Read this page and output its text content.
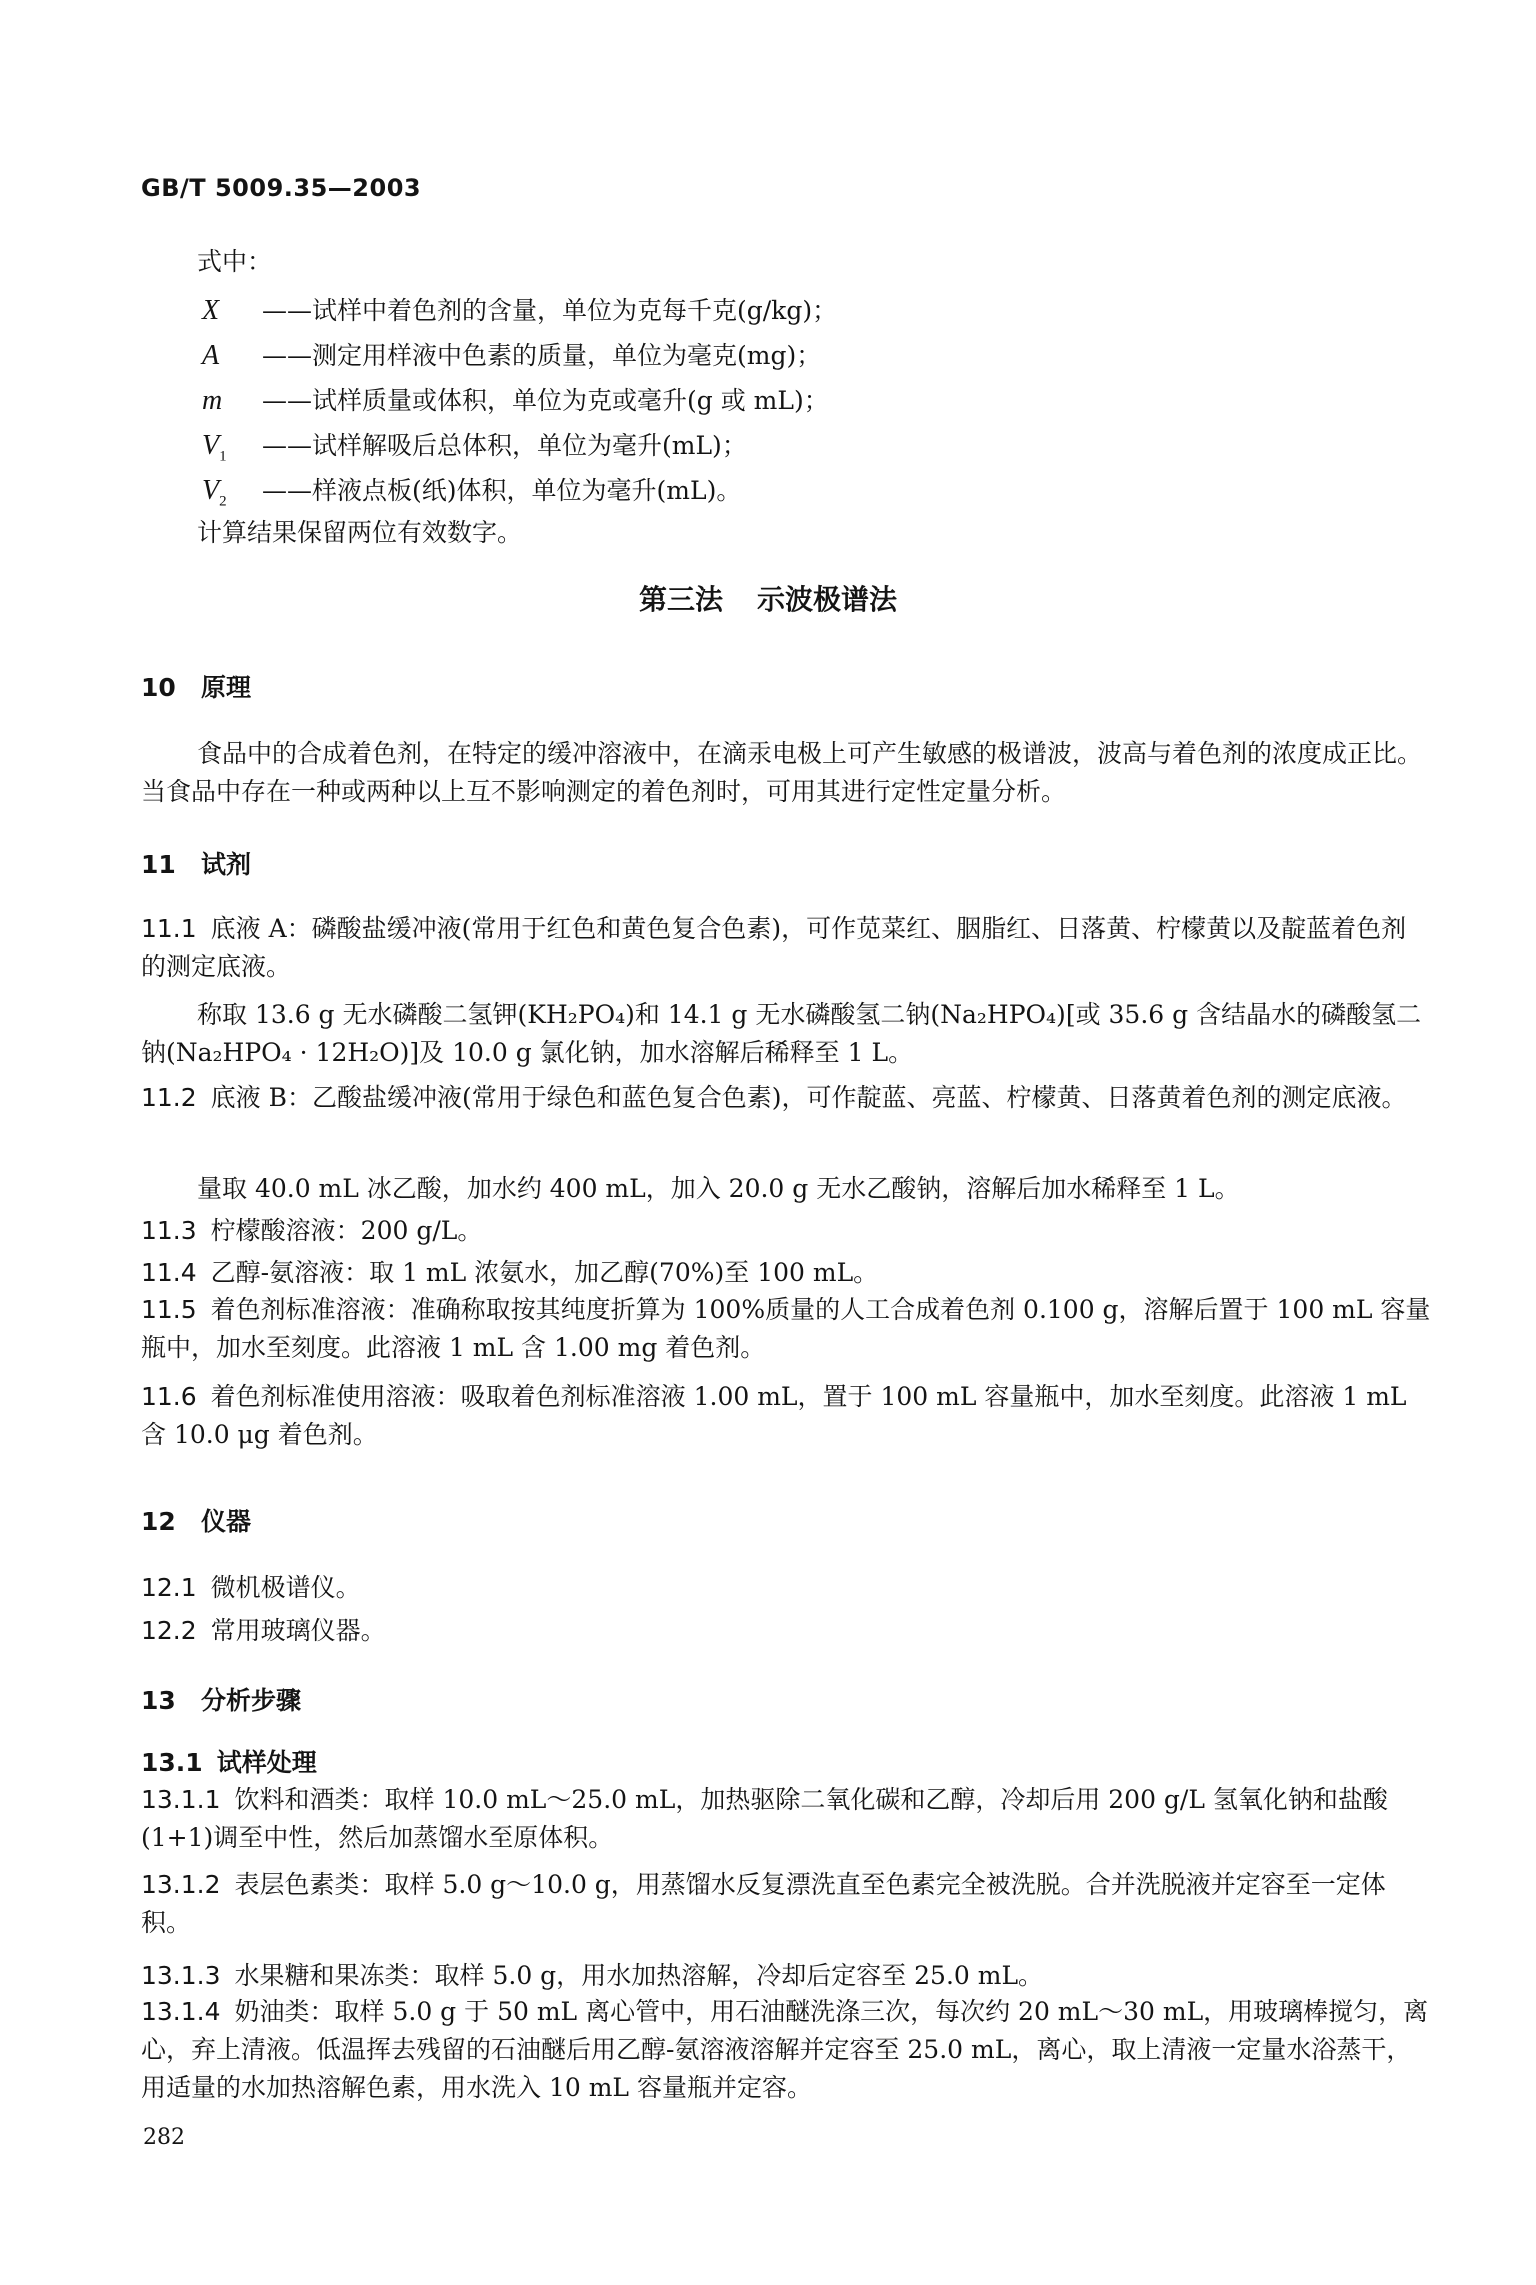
GB/T 5009.35—2003
式中：
X ——试样中着色剂的含量，单位为克每千克(g/kg)；
A ——测定用样液中色素的质量，单位为毫克(mg)；
m ——试样质量或体积，单位为克或毫升(g 或 mL)；
$V_1$ ——试样解吸后总体积，单位为毫升(mL)；
$V_2$ ——样液点板(纸)体积，单位为毫升(mL)。
计算结果保留两位有效数字。
第三法 示波极谱法
10 原理
食品中的合成着色剂，在特定的缓冲溶液中，在滴汞电极上可产生敏感的极谱波，波高与着色剂的浓度成正比。当食品中存在一种或两种以上互不影响测定的着色剂时，可用其进行定性定量分析。
11 试剂
11.1 底液 A：磷酸盐缓冲液(常用于红色和黄色复合色素)，可作苋菜红、胭脂红、日落黄、柠檬黄以及靛蓝着色剂的测定底液。
称取 13.6 g 无水磷酸二氢钾(KH₂PO₄)和 14.1 g 无水磷酸氢二钠(Na₂HPO₄)[或 35.6 g 含结晶水的磷酸氢二钠(Na₂HPO₄ · 12H₂O)]及 10.0 g 氯化钠，加水溶解后稀释至 1 L。
11.2 底液 B：乙酸盐缓冲液(常用于绿色和蓝色复合色素)，可作靛蓝、亮蓝、柠檬黄、日落黄着色剂的测定底液。
量取 40.0 mL 冰乙酸，加水约 400 mL，加入 20.0 g 无水乙酸钠，溶解后加水稀释至 1 L。
11.3 柠檬酸溶液：200 g/L。
11.4 乙醇-氨溶液：取 1 mL 浓氨水，加乙醇(70%)至 100 mL。
11.5 着色剂标准溶液：准确称取按其纯度折算为 100%质量的人工合成着色剂 0.100 g，溶解后置于 100 mL 容量瓶中，加水至刻度。此溶液 1 mL 含 1.00 mg 着色剂。
11.6 着色剂标准使用溶液：吸取着色剂标准溶液 1.00 mL，置于 100 mL 容量瓶中，加水至刻度。此溶液 1 mL 含 10.0 μg 着色剂。
12 仪器
12.1 微机极谱仪。
12.2 常用玻璃仪器。
13 分析步骤
13.1 试样处理
13.1.1 饮料和酒类：取样 10.0 mL～25.0 mL，加热驱除二氧化碳和乙醇，冷却后用 200 g/L 氢氧化钠和盐酸(1+1)调至中性，然后加蒸馏水至原体积。
13.1.2 表层色素类：取样 5.0 g～10.0 g，用蒸馏水反复漂洗直至色素完全被洗脱。合并洗脱液并定容至一定体积。
13.1.3 水果糖和果冻类：取样 5.0 g，用水加热溶解，冷却后定容至 25.0 mL。
13.1.4 奶油类：取样 5.0 g 于 50 mL 离心管中，用石油醚洗涤三次，每次约 20 mL～30 mL，用玻璃棒搅匀，离心，弃上清液。低温挥去残留的石油醚后用乙醇-氨溶液溶解并定容至 25.0 mL，离心，取上清液一定量水浴蒸干，用适量的水加热溶解色素，用水洗入 10 mL 容量瓶并定容。
282
